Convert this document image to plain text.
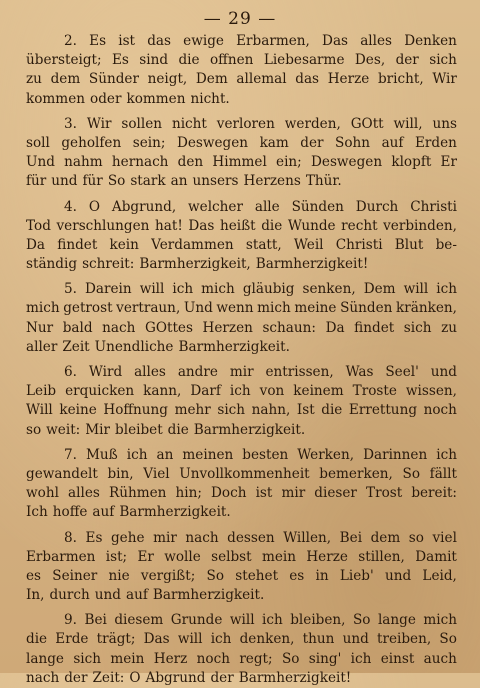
— 29 —
2. Es ist das ewige Erbarmen, Das alles Denken
übersteigt; Es sind die offnen Liebesarme Des, der sich
zu dem Sünder neigt, Dem allemal das Herze bricht, Wir
kommen oder kommen nicht.
3. Wir sollen nicht verloren werden, GOtt will, uns
soll geholfen sein; Deswegen kam der Sohn auf Erden
Und nahm hernach den Himmel ein; Deswegen klopft Er
für und für So stark an unsers Herzens Thür.
4. O Abgrund, welcher alle Sünden Durch Christi
Tod verschlungen hat! Das heißt die Wunde recht verbinden,
Da findet kein Verdammen statt, Weil Christi Blut be-
ständig schreit: Barmherzigkeit, Barmherzigkeit!
5. Darein will ich mich gläubig senken, Dem will ich
mich getrost vertraun, Und wenn mich meine Sünden kränken,
Nur bald nach GOttes Herzen schaun: Da findet sich zu
aller Zeit Unendliche Barmherzigkeit.
6. Wird alles andre mir entrissen, Was Seel' und
Leib erquicken kann, Darf ich von keinem Troste wissen,
Will keine Hoffnung mehr sich nahn, Ist die Errettung noch
so weit: Mir bleibet die Barmherzigkeit.
7. Muß ich an meinen besten Werken, Darinnen ich
gewandelt bin, Viel Unvollkommenheit bemerken, So fällt
wohl alles Rühmen hin; Doch ist mir dieser Trost bereit:
Ich hoffe auf Barmherzigkeit.
8. Es gehe mir nach dessen Willen, Bei dem so viel
Erbarmen ist; Er wolle selbst mein Herze stillen, Damit
es Seiner nie vergißt; So stehet es in Lieb' und Leid,
In, durch und auf Barmherzigkeit.
9. Bei diesem Grunde will ich bleiben, So lange mich
die Erde trägt; Das will ich denken, thun und treiben, So
lange sich mein Herz noch regt; So sing' ich einst auch
nach der Zeit: O Abgrund der Barmherzigkeit!
